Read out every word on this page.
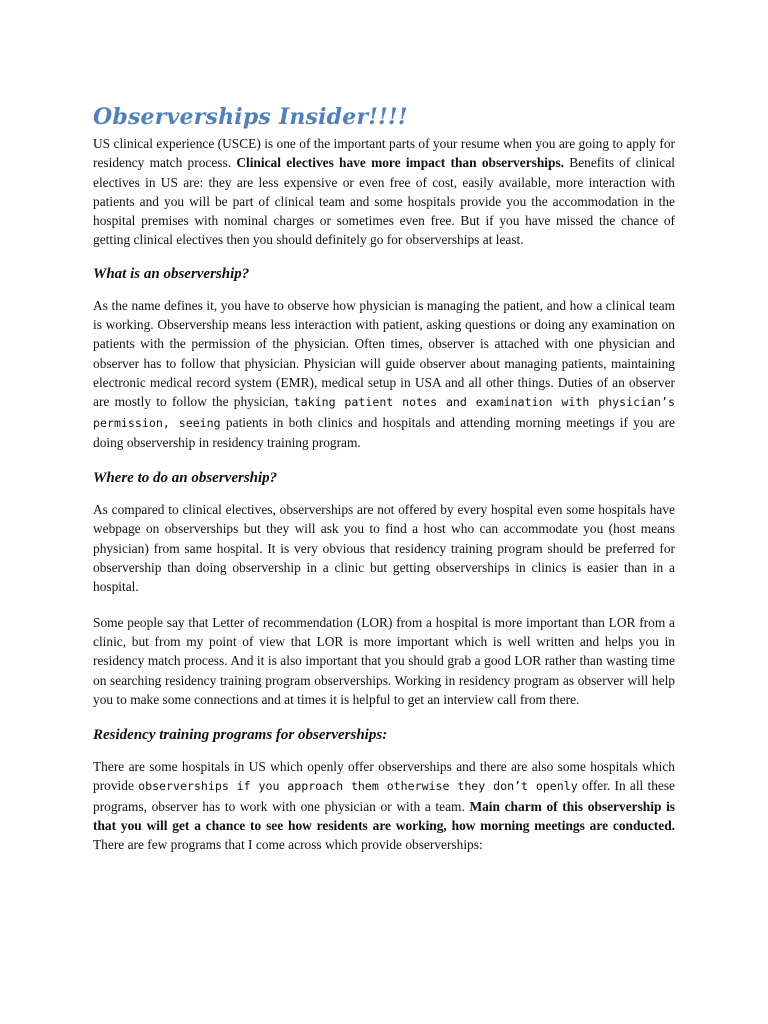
Observerships Insider!!!!

US clinical experience (USCE) is one of the important parts of your resume when you are going to apply for residency match process. Clinical electives have more impact than observerships. Benefits of clinical electives in US are: they are less expensive or even free of cost, easily available, more interaction with patients and you will be part of clinical team and some hospitals provide you the accommodation in the hospital premises with nominal charges or sometimes even free. But if you have missed the chance of getting clinical electives then you should definitely go for observerships at least.

What is an observership?

As the name defines it, you have to observe how physician is managing the patient, and how a clinical team is working. Observership means less interaction with patient, asking questions or doing any examination on patients with the permission of the physician. Often times, observer is attached with one physician and observer has to follow that physician. Physician will guide observer about managing patients, maintaining electronic medical record system (EMR), medical setup in USA and all other things. Duties of an observer are mostly to follow the physician, taking patient notes and examination with physician’s permission, seeing patients in both clinics and hospitals and attending morning meetings if you are doing observership in residency training program.

Where to do an observership?

As compared to clinical electives, observerships are not offered by every hospital even some hospitals have webpage on observerships but they will ask you to find a host who can accommodate you (host means physician) from same hospital. It is very obvious that residency training program should be preferred for observership than doing observership in a clinic but getting observerships in clinics is easier than in a hospital.

Some people say that Letter of recommendation (LOR) from a hospital is more important than LOR from a clinic, but from my point of view that LOR is more important which is well written and helps you in residency match process. And it is also important that you should grab a good LOR rather than wasting time on searching residency training program observerships. Working in residency program as observer will help you to make some connections and at times it is helpful to get an interview call from there.

Residency training programs for observerships:

There are some hospitals in US which openly offer observerships and there are also some hospitals which provide observerships if you approach them otherwise they don’t openly offer. In all these programs, observer has to work with one physician or with a team. Main charm of this observership is that you will get a chance to see how residents are working, how morning meetings are conducted. There are few programs that I come across which provide observerships:
